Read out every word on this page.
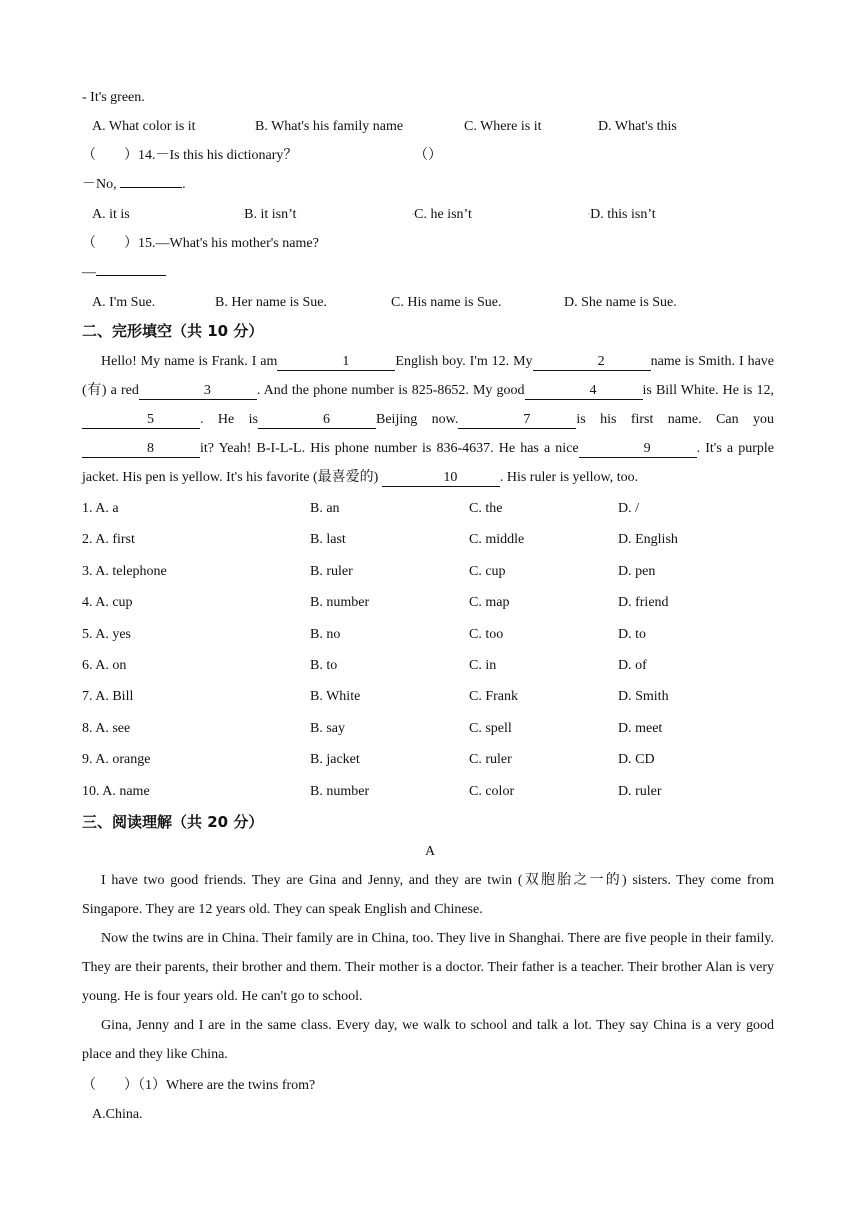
- It's green.
A. What color is it	B. What's his family name	C. Where is it	D. What's this
（　　）14.－Is this his dictionary？	（）
－No,	.
A. it is	▫B. it isn’t	▫C. he isn’t	▫D. this isn’t
（　　）15.—What's his mother's name?
—
A. I'm Sue.	B. Her name is Sue.	C. His name is Sue.	D. She name is Sue.
二、完形填空（共 10 分）
Hello! My name is Frank. I am	1	English boy. I'm 12. My	2	name is Smith. I have (有) a red	3	. And the phone number is 825-8652. My good	4	is Bill White. He is 12,5	. He is	6	Beijing now.	7	is his first name. Can you8	it? Yeah! B-I-L-L. His phone number is 836-4637. He has a nice	9	. It's a purple jacket. His pen is yellow. It's his favorite (最喜爱的)	10	. His ruler is yellow, too.
1. A. a	B. an	C. the	D. /
2. A. first	B. last	C. middle	D. English
3. A. telephone	B. ruler	C. cup	D. pen
4. A. cup	B. number	C. map	D. friend
5. A. yes	B. no	C. too	D. to
6. A. on	B. to	C. in	D. of
7. A. Bill	B. White	C. Frank	D. Smith
8. A. see	B. say	C. spell	D. meet
9. A. orange	B. jacket	C. ruler	D. CD
10. A. name	B. number	C. color	D. ruler
三、阅读理解（共 20 分）
A
I have two good friends. They are Gina and Jenny, and they are twin (双胞胎之一的) sisters. They come from Singapore. They are 12 years old. They can speak English and Chinese.
Now the twins are in China. Their family are in China, too. They live in Shanghai. There are five people in their family. They are their parents, their brother and them. Their mother is a doctor. Their father is a teacher. Their brother Alan is very young. He is four years old. He can't go to school.
Gina, Jenny and I are in the same class. Every day, we walk to school and talk a lot. They say China is a very good place and they like China.
（　　）（1）Where are the twins from?
A.China.
